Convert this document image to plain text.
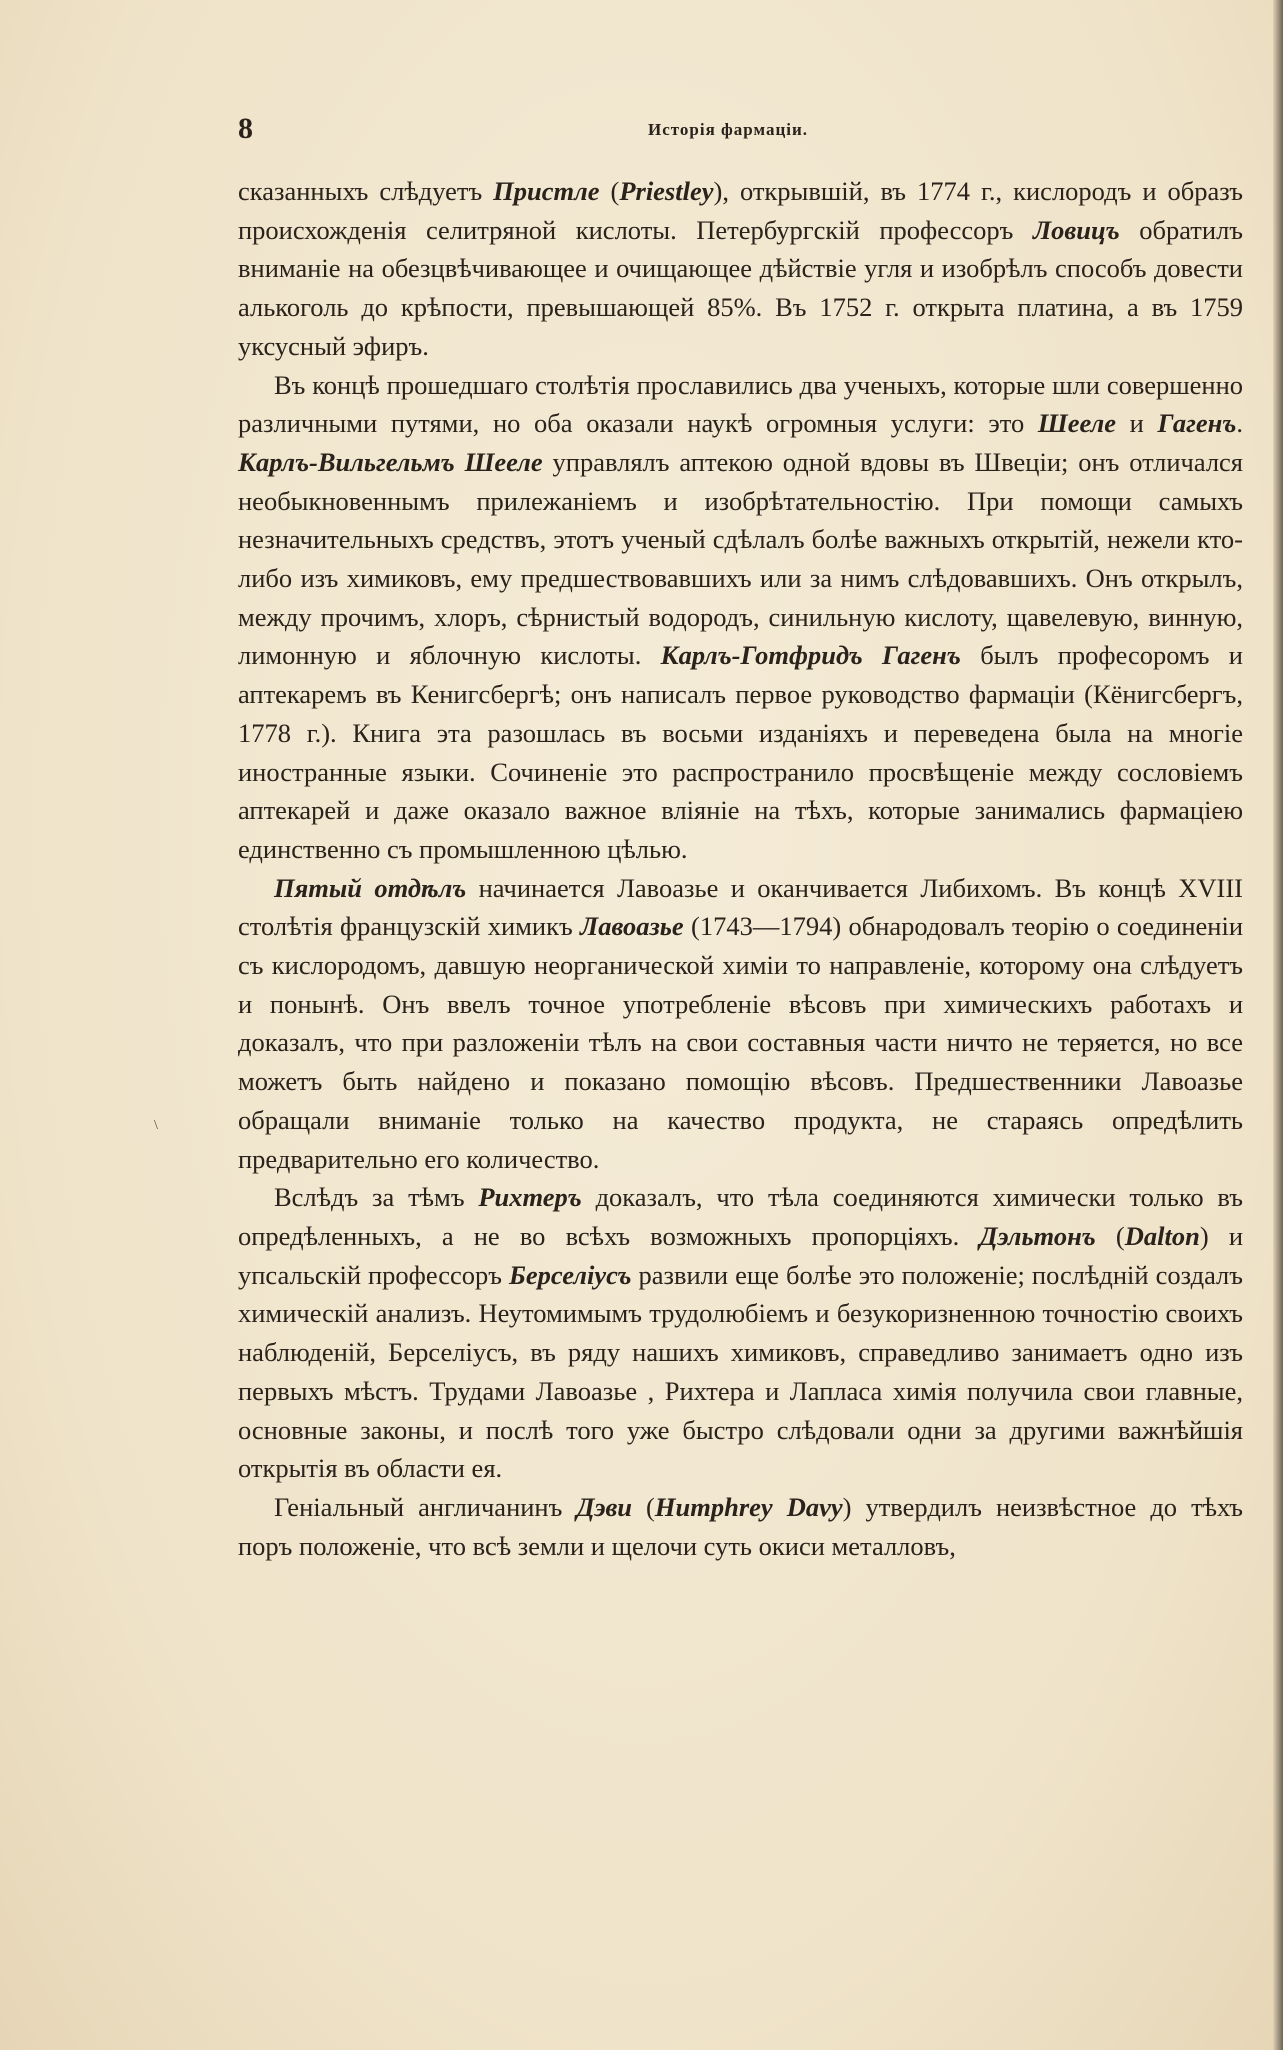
8	Исторія фармаціи.

сказанныхъ слѣдуетъ Пристле (Priestley), открывшій, въ 1774 г., кислородъ и образъ происхожденія селитряной кислоты. Петербургскій профессоръ Ловицъ обратилъ вниманіе на обезцвѣчивающее и очищающее дѣйствіе угля и изобрѣлъ способъ довести алькоголь до крѣпости, превышающей 85%. Въ 1752 г. открыта платина, а въ 1759 уксусный эфиръ.

Въ концѣ прошедшаго столѣтія прославились два ученыхъ, которые шли совершенно различными путями, но оба оказали наукѣ огромныя услуги: это Шееле и Гагенъ. Карлъ-Вильгельмъ Шееле управлялъ аптекою одной вдовы въ Швеціи; онъ отличался необыкновеннымъ прилежаніемъ и изобрѣтательностію. При помощи самыхъ незначительныхъ средствъ, этотъ ученый сдѣлалъ болѣе важныхъ открытій, нежели кто-либо изъ химиковъ, ему предшествовавшихъ или за нимъ слѣдовавшихъ. Онъ открылъ, между прочимъ, хлоръ, сѣрнистый водородъ, синильную кислоту, щавелевую, винную, лимонную и яблочную кислоты. Карлъ-Готфридъ Гагенъ былъ професоромъ и аптекаремъ въ Кенигсбергѣ; онъ написалъ первое руководство фармаціи (Кёнигсбергъ, 1778 г.). Книга эта разошлась въ восьми изданіяхъ и переведена была на многіе иностранные языки. Сочиненіе это распространило просвѣщеніе между сословіемъ аптекарей и даже оказало важное вліяніе на тѣхъ, которые занимались фармаціею единственно съ промышленною цѣлью.

Пятый отдѣлъ начинается Лавоазье и оканчивается Либихомъ. Въ концѣ XVIII столѣтія французскій химикъ Лавоазье (1743—1794) обнародовалъ теорію о соединеніи съ кислородомъ, давшую неорганической химіи то направленіе, которому она слѣдуетъ и понынѣ. Онъ ввелъ точное употребленіе вѣсовъ при химическихъ работахъ и доказалъ, что при разложеніи тѣлъ на свои составныя части ничто не теряется, но все можетъ быть найдено и показано помощію вѣсовъ. Предшественники Лавоазье обращали вниманіе только на качество продукта, не стараясь опредѣлить предварительно его количество.

Вслѣдъ за тѣмъ Рихтеръ доказалъ, что тѣла соединяются химически только въ опредѣленныхъ, а не во всѣхъ возможныхъ пропорціяхъ. Дэльтонъ (Dalton) и упсальскій профессоръ Берселіусъ развили еще болѣе это положеніе; послѣдній создалъ химическій анализъ. Неутомимымъ трудолюбіемъ и безукоризненною точностію своихъ наблюденій, Берселіусъ, въ ряду нашихъ химиковъ, справедливо занимаетъ одно изъ первыхъ мѣстъ. Трудами Лавоазье , Рихтера и Лапласа химія получила свои главные, основные законы, и послѣ того уже быстро слѣдовали одни за другими важнѣйшія открытія въ области ея.

Геніальный англичанинъ Дэви (Humphrey Davy) утвердилъ неизвѣстное до тѣхъ поръ положеніе, что всѣ земли и щелочи суть окиси металловъ,

\
